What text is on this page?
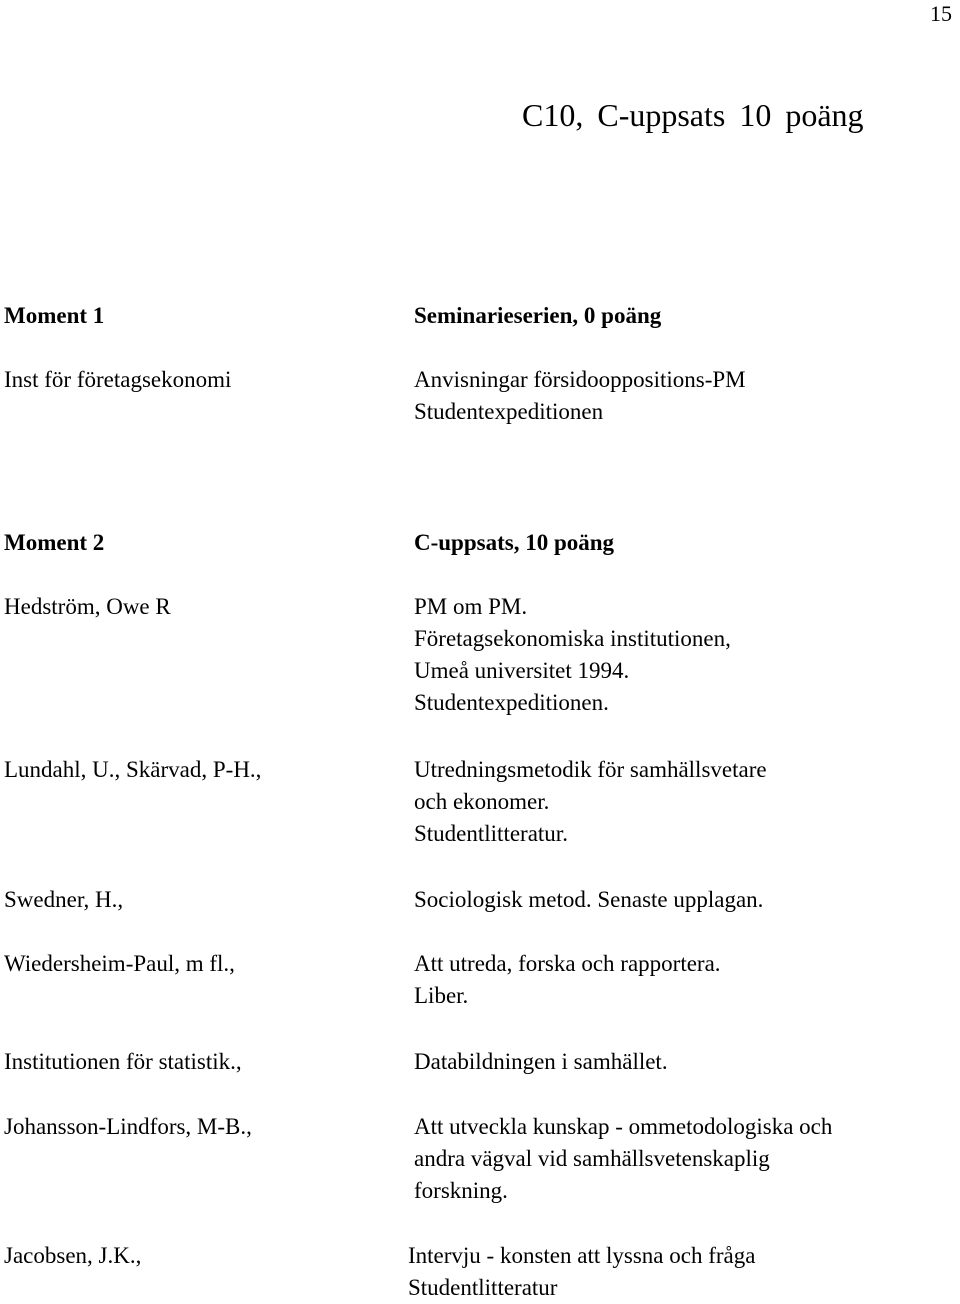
15
C10, C-uppsats 10 poäng
Moment 1	Seminarieserien, 0 poäng
Inst för företagsekonomi	Anvisningar försidooppositions-PM
Studentexpeditionen
Moment 2	C-uppsats, 10 poäng
Hedström, Owe R	PM om PM.
Företagsekonomiska institutionen,
Umeå universitet 1994.
Studentexpeditionen.
Lundahl, U., Skärvad, P-H.,	Utredningsmetodik för samhällsvetare
och ekonomer.
Studentlitteratur.
Swedner, H.,	Sociologisk metod. Senaste upplagan.
Wiedersheim-Paul, m fl.,	Att utreda, forska och rapportera.
Liber.
Institutionen för statistik.,	Databildningen i samhället.
Johansson-Lindfors, M-B.,	Att utveckla kunskap - ommetodologiska och
andra vägval vid samhällsvetenskaplig
forskning.
Jacobsen, J.K.,	Intervju - konsten att lyssna och fråga
Studentlitteratur
